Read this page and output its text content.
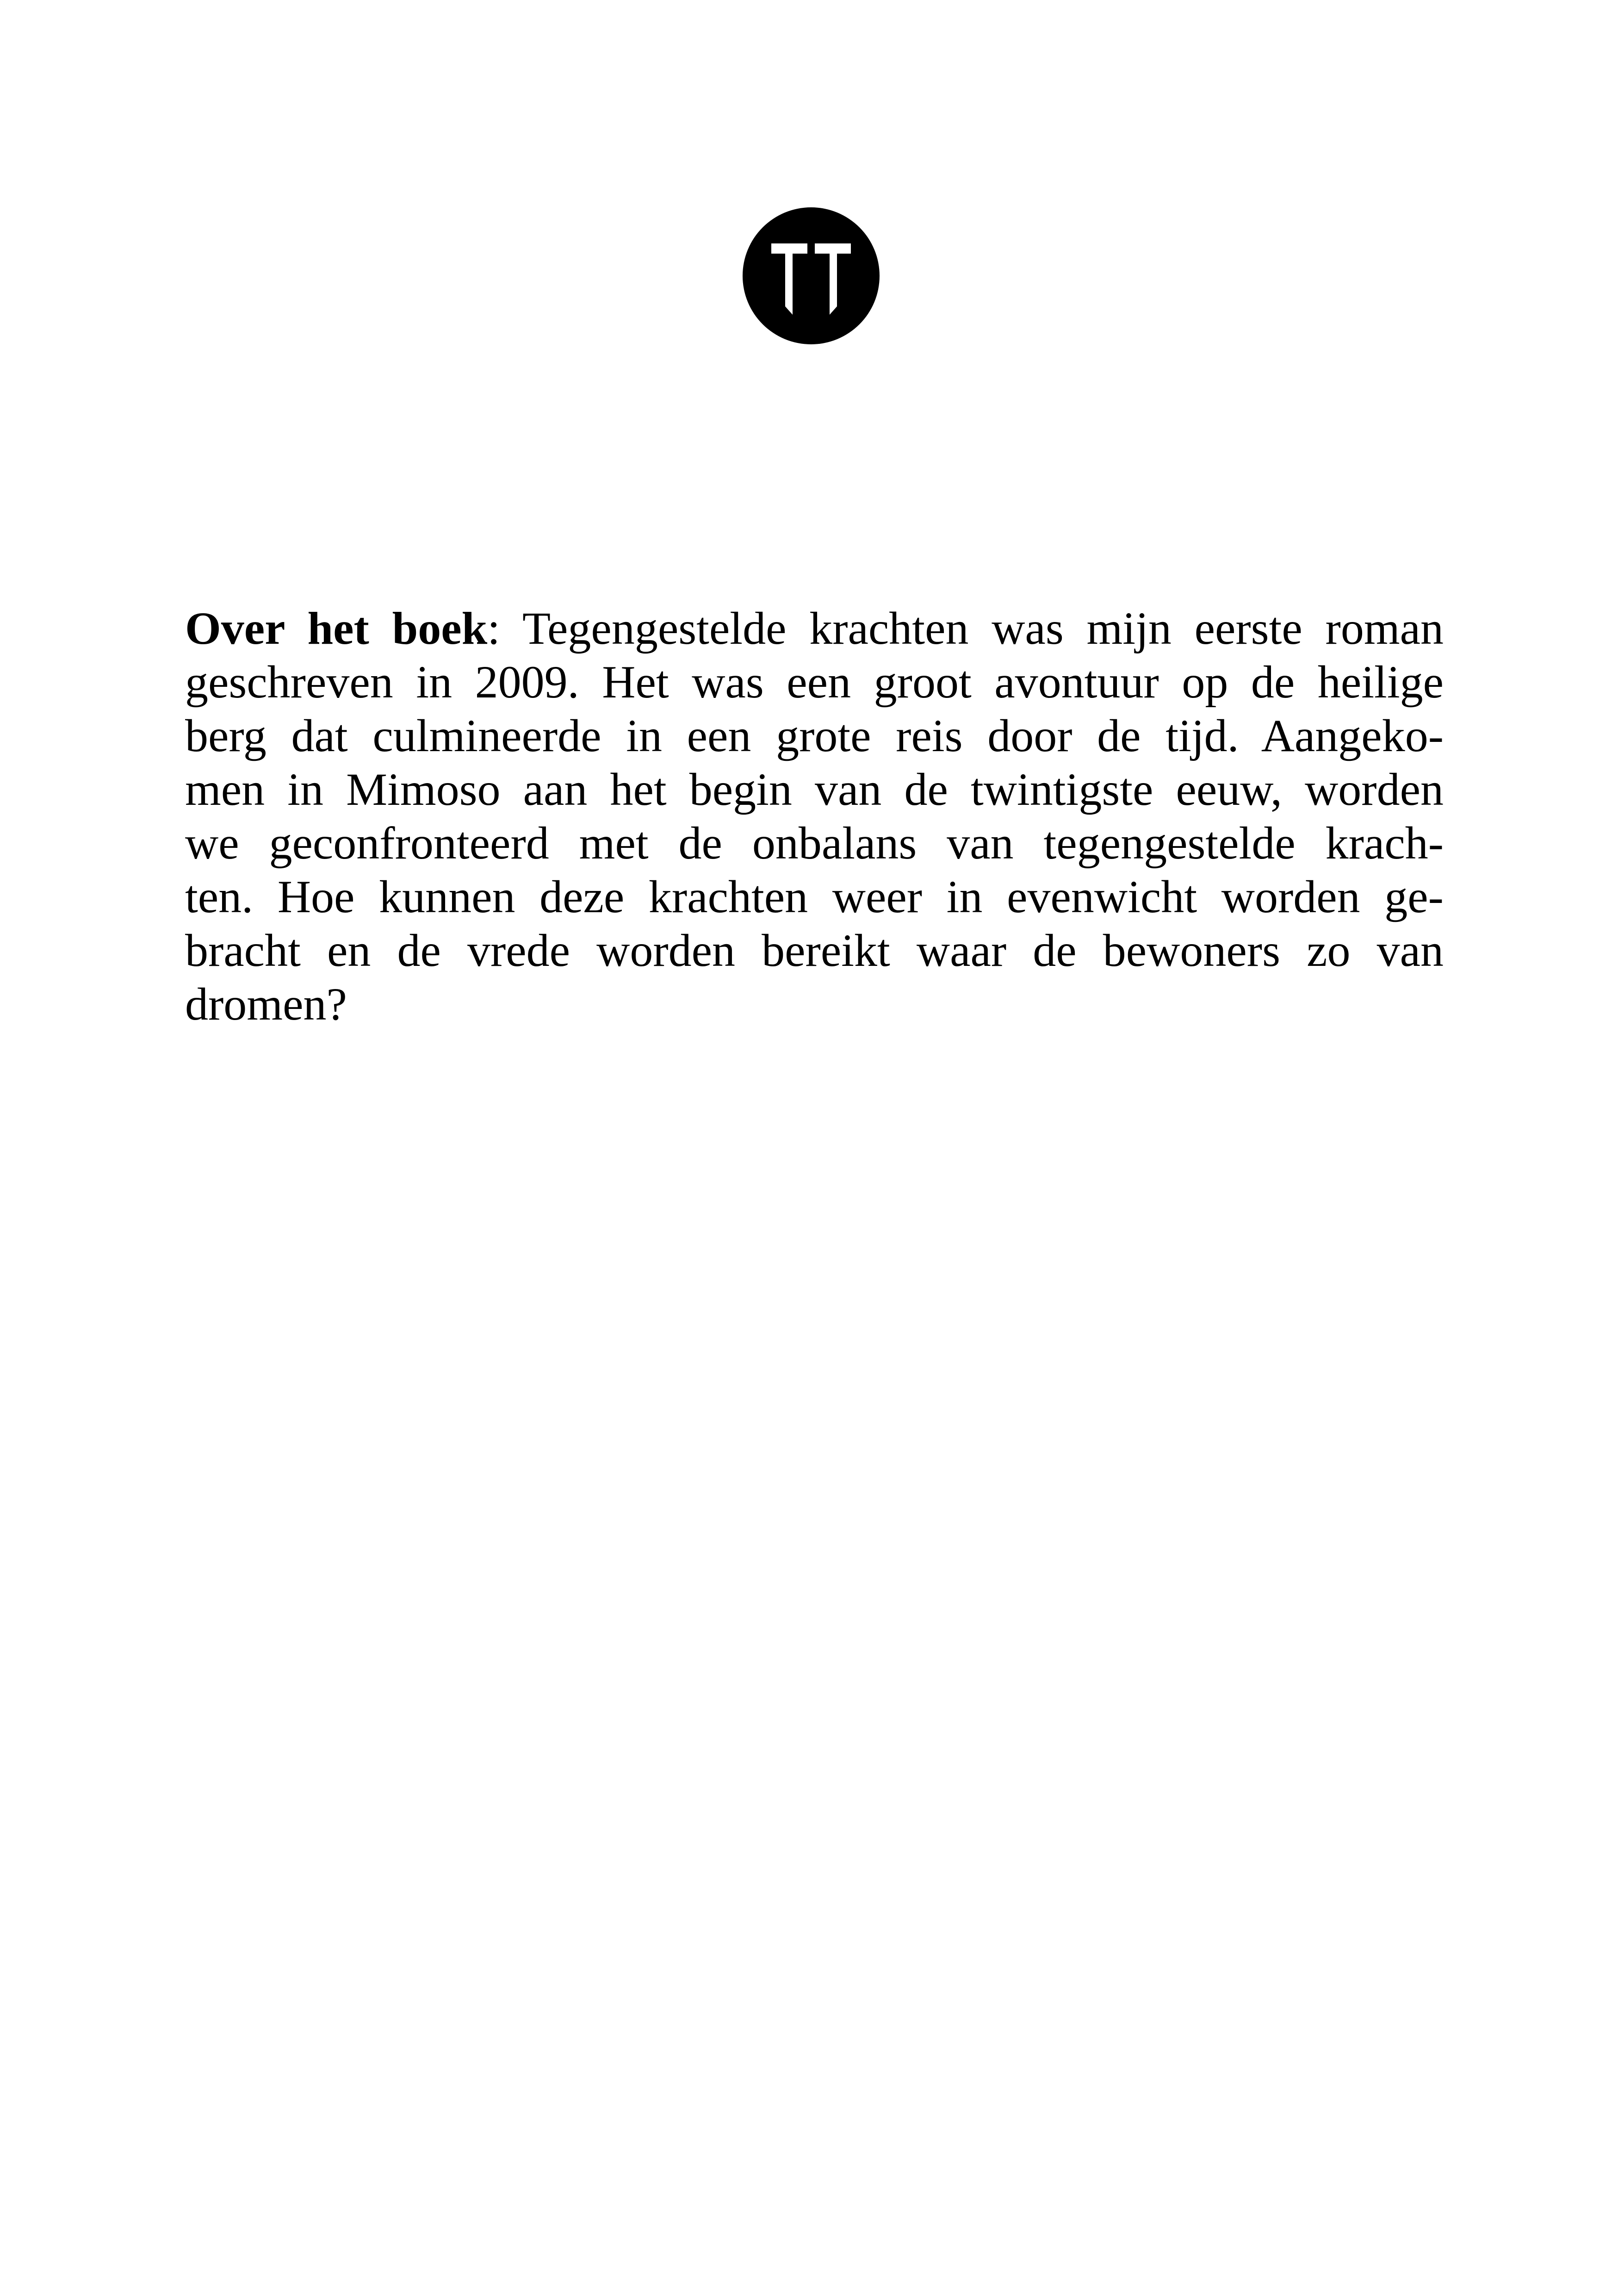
Over het boek: Tegengestelde krachten was mijn eerste roman
geschreven in 2009. Het was een groot avontuur op de heilige
berg dat culmineerde in een grote reis door de tijd. Aangeko-
men in Mimoso aan het begin van de twintigste eeuw, worden
we geconfronteerd met de onbalans van tegengestelde krach-
ten. Hoe kunnen deze krachten weer in evenwicht worden ge-
bracht en de vrede worden bereikt waar de bewoners zo van
dromen?
